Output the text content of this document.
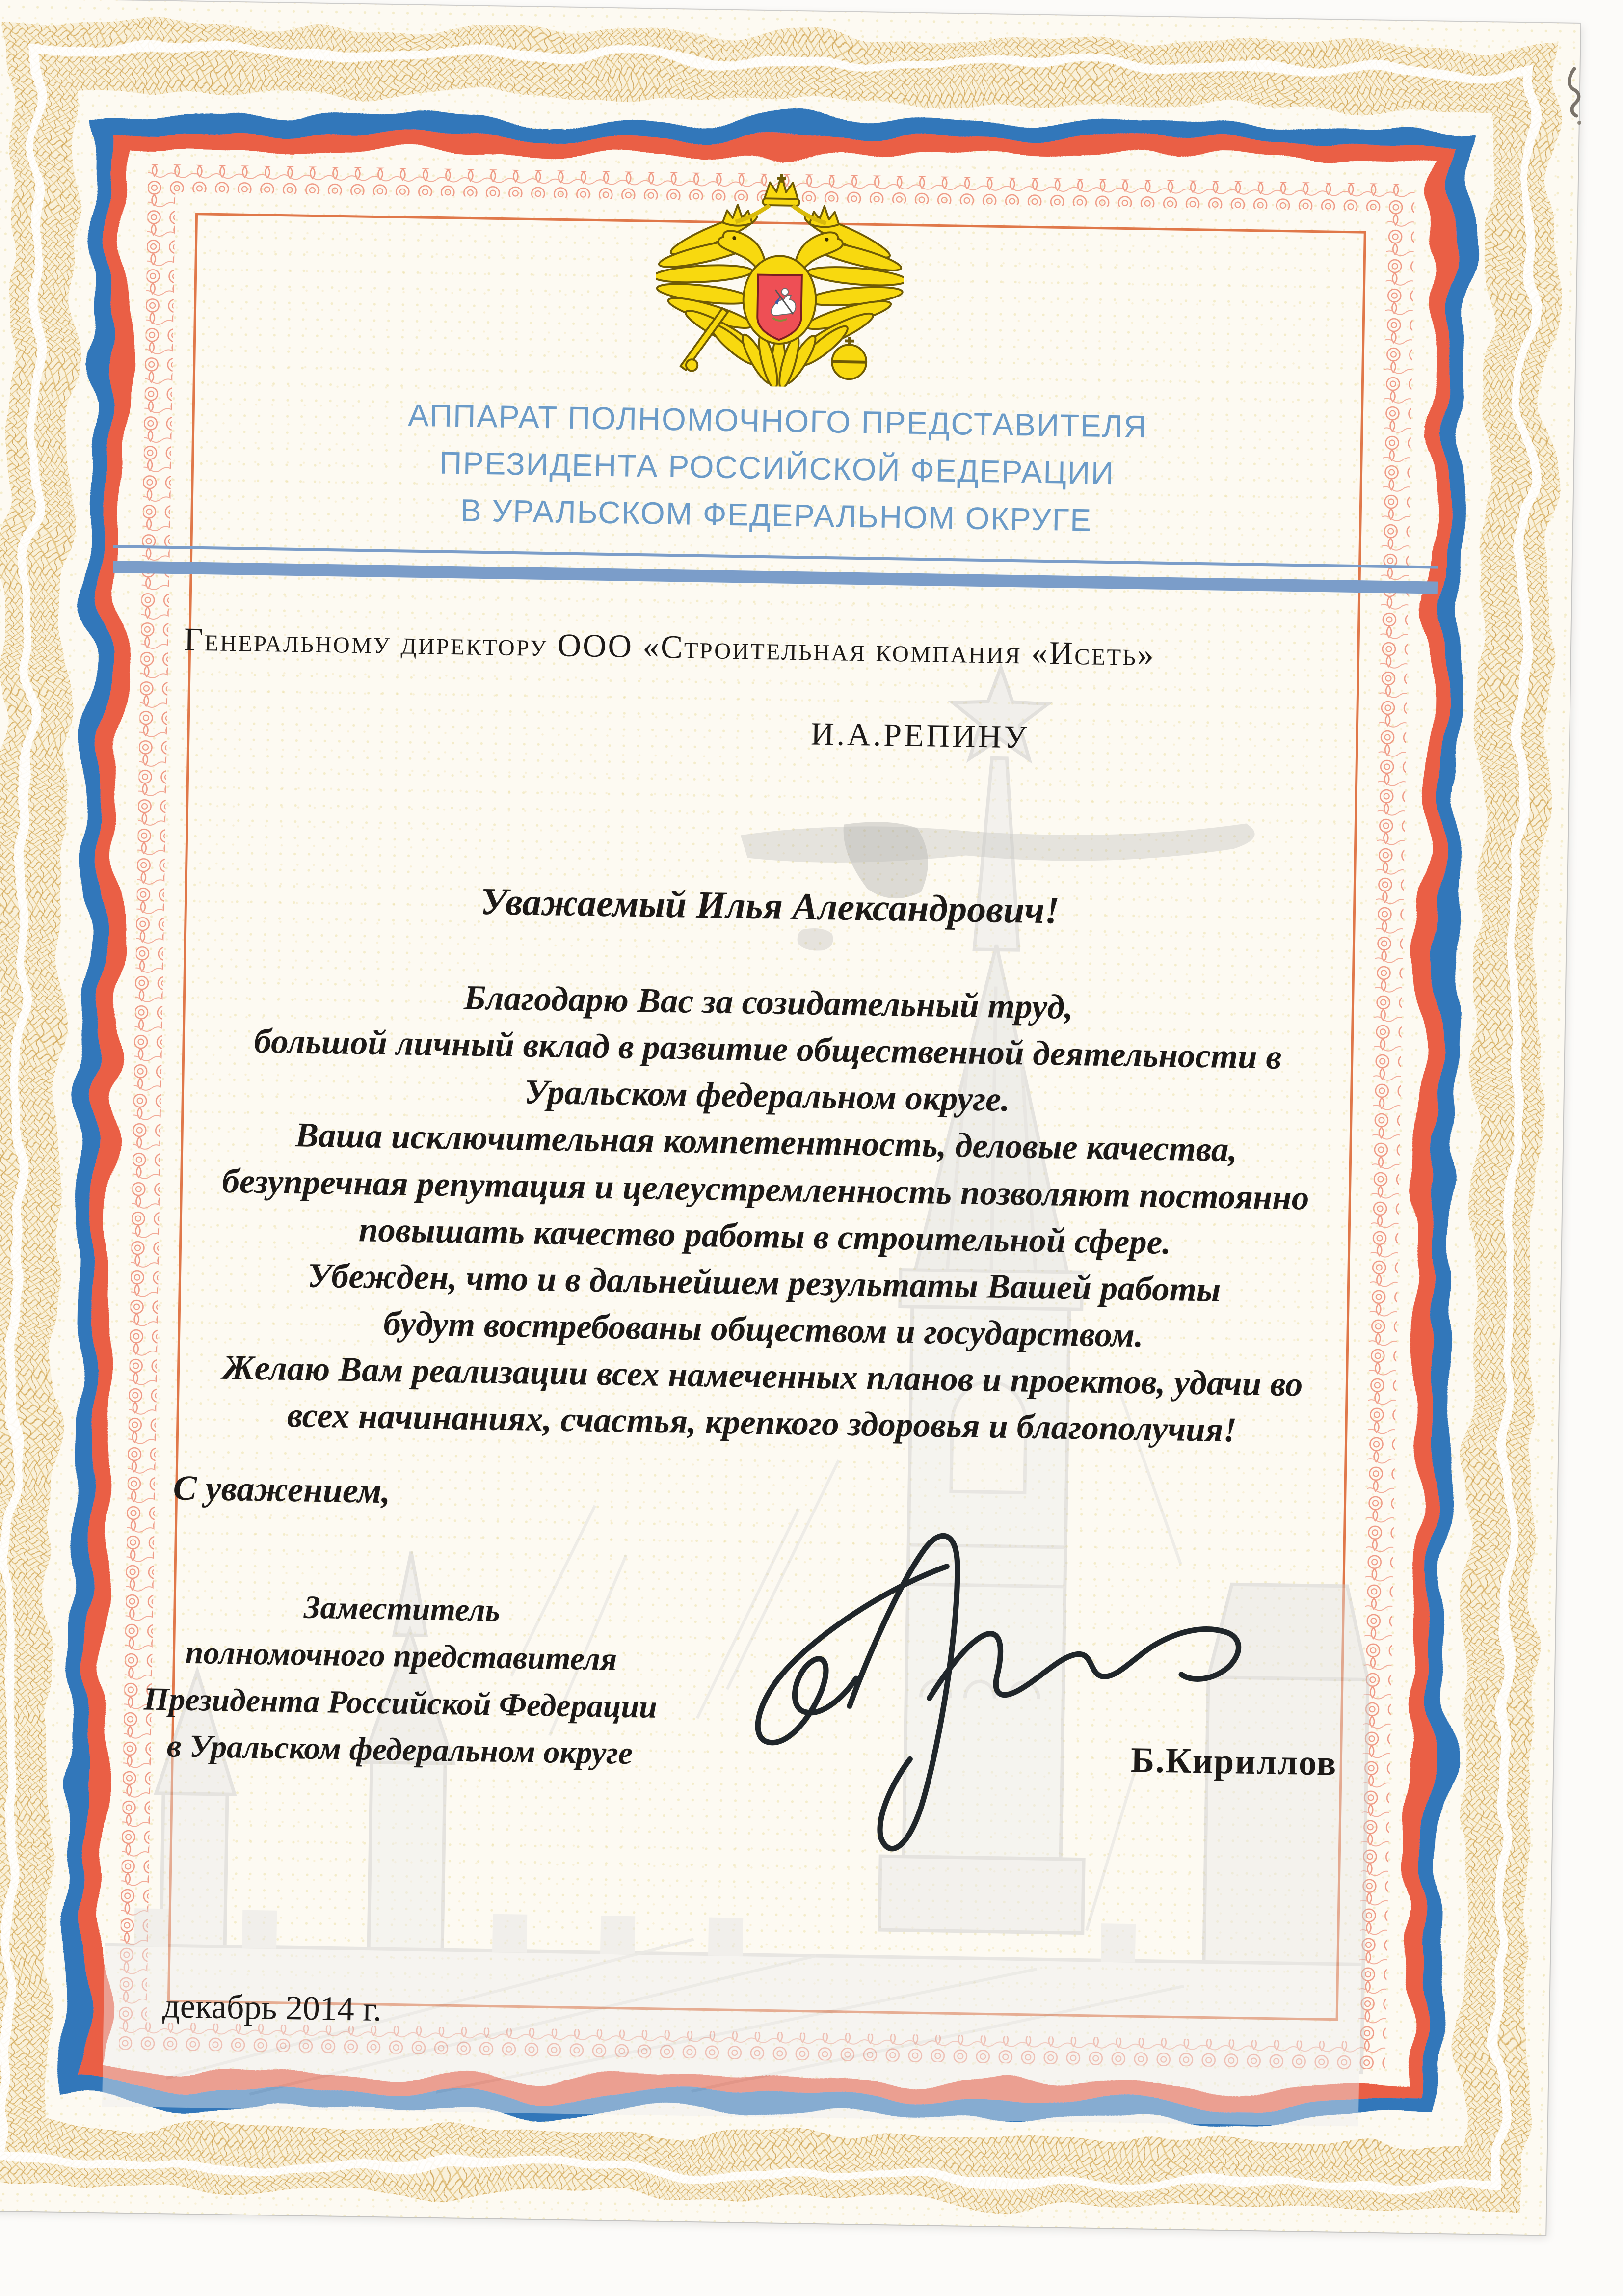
АППАРАТ ПОЛНОМОЧНОГО ПРЕДСТАВИТЕЛЯ
ПРЕЗИДЕНТА РОССИЙСКОЙ ФЕДЕРАЦИИ
В УРАЛЬСКОМ ФЕДЕРАЛЬНОМ ОКРУГЕ
Генеральному директору ООО «Строительная компания «Исеть»
И.А.РЕПИНУ
Уважаемый Илья Александрович!
Благодарю Вас за созидательный труд,
большой личный вклад в развитие общественной деятельности в
Уральском федеральном округе.
Ваша исключительная компетентность, деловые качества,
безупречная репутация и целеустремленность позволяют постоянно
повышать качество работы в строительной сфере.
Убежден, что и в дальнейшем результаты Вашей работы
будут востребованы обществом и государством.
Желаю Вам реализации всех намеченных планов и проектов, удачи во
всех начинаниях, счастья, крепкого здоровья и благополучия!
С уважением,
Заместитель
полномочного представителя
Президента Российской Федерации
в Уральском федеральном округе	Б.Кириллов
декабрь 2014 г.
